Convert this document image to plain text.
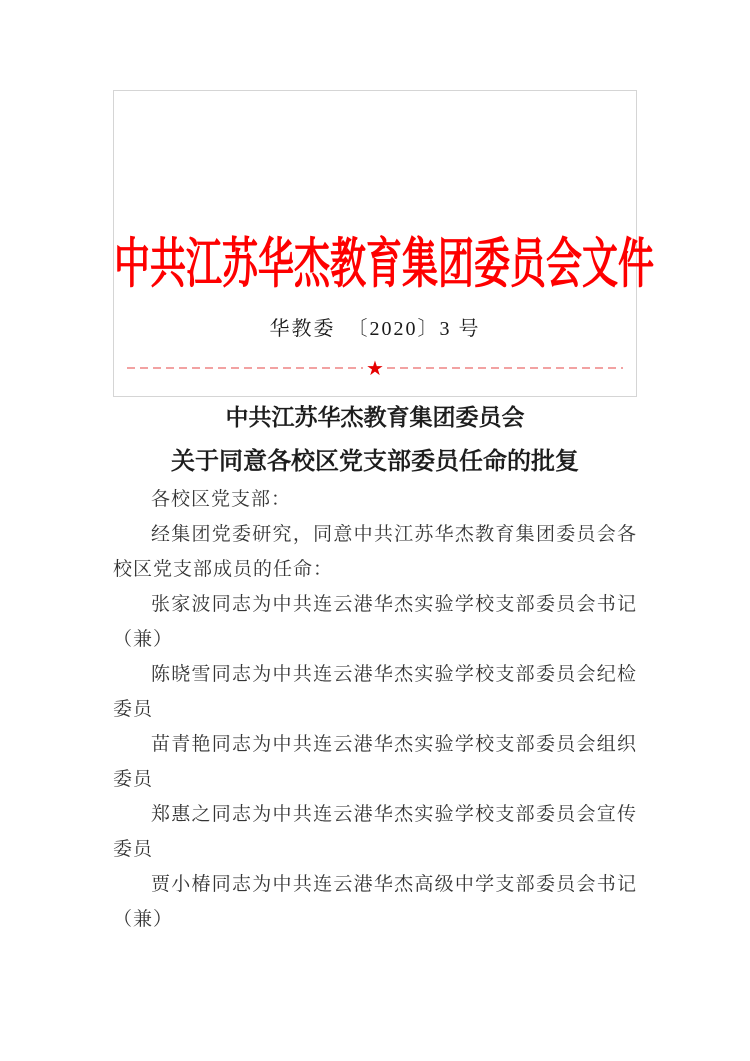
中共江苏华杰教育集团委员会文件
华教委　〔2020〕3 号
★
中共江苏华杰教育集团委员会
关于同意各校区党支部委员任命的批复

各校区党支部：

经集团党委研究，同意中共江苏华杰教育集团委员会各校区党支部成员的任命：

张家波同志为中共连云港华杰实验学校支部委员会书记（兼）

陈晓雪同志为中共连云港华杰实验学校支部委员会纪检委员

苗青艳同志为中共连云港华杰实验学校支部委员会组织委员

郑惠之同志为中共连云港华杰实验学校支部委员会宣传委员

贾小椿同志为中共连云港华杰高级中学支部委员会书记（兼）
